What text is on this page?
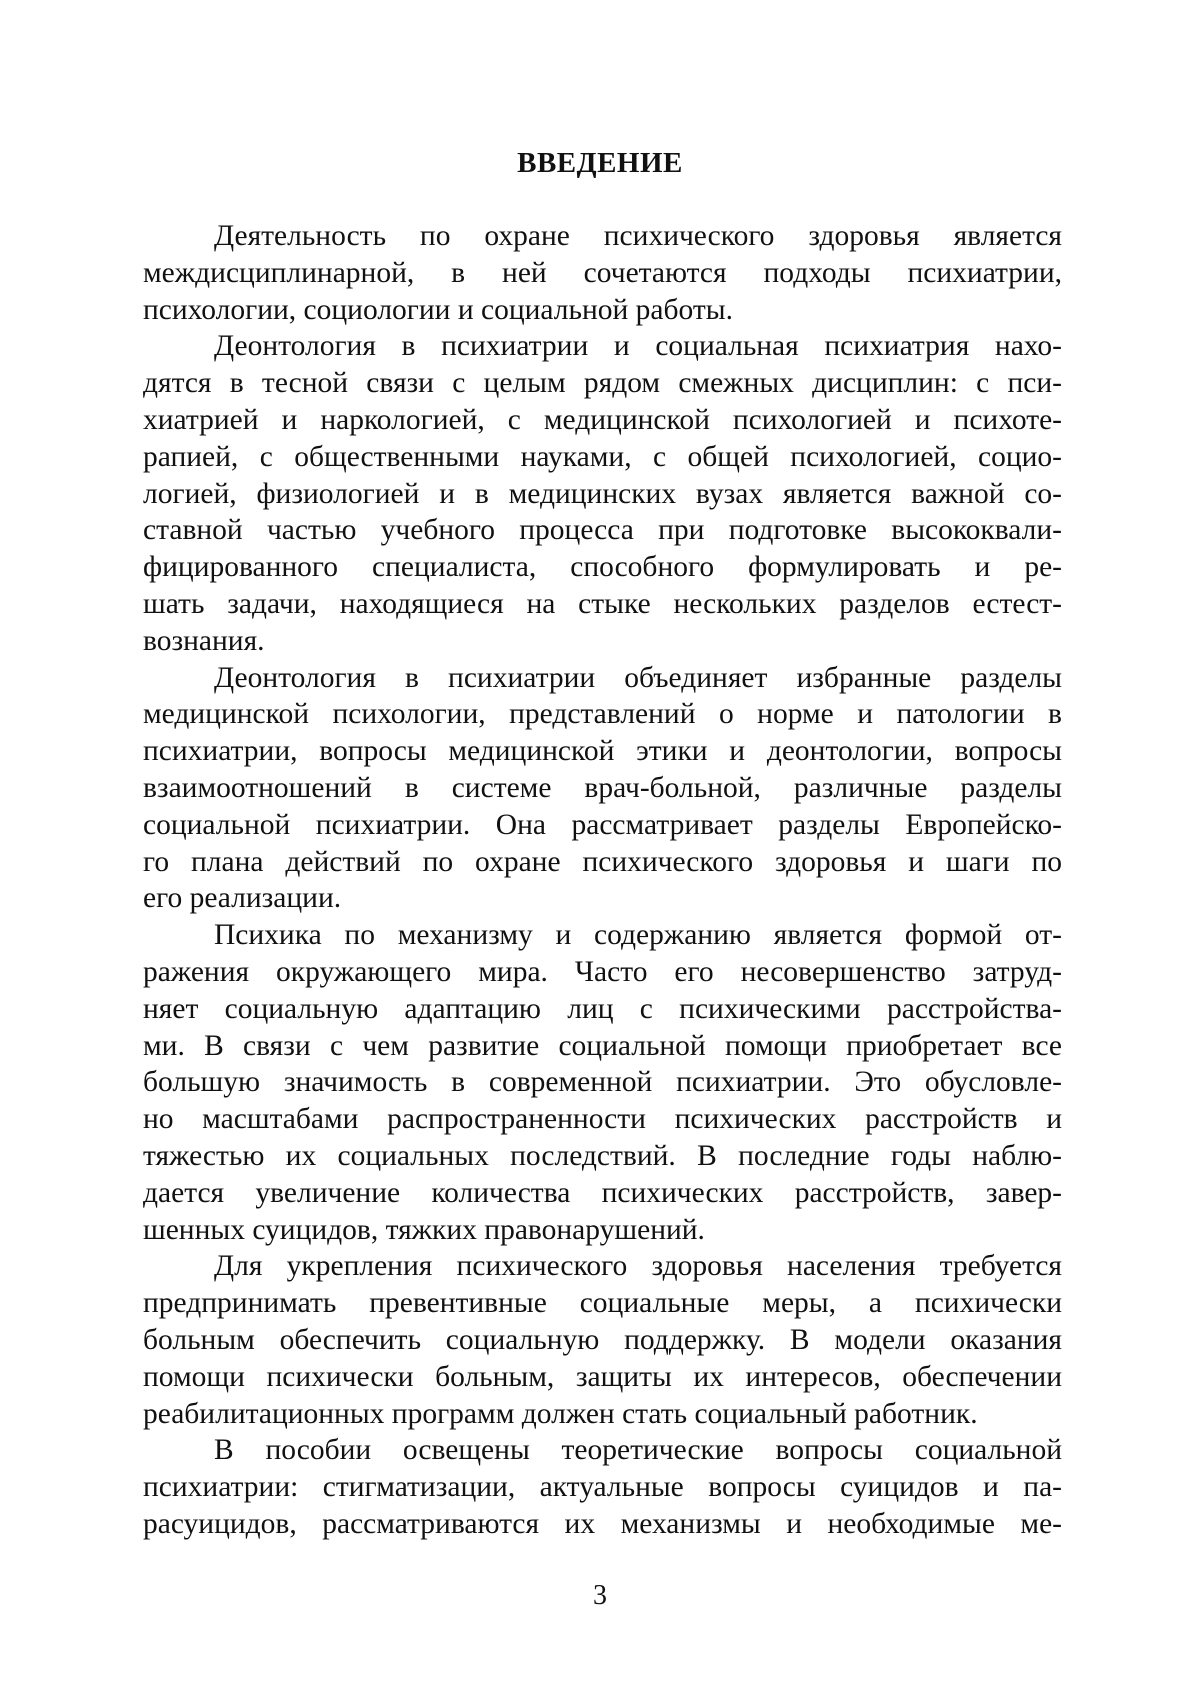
ВВЕДЕНИЕ
Деятельность по охране психического здоровья является
междисциплинарной, в ней сочетаются подходы психиатрии,
психологии, социологии и социальной работы.
Деонтология в психиатрии и социальная психиатрия нахо-
дятся в тесной связи с целым рядом смежных дисциплин: с пси-
хиатрией и наркологией, с медицинской психологией и психоте-
рапией, с общественными науками, с общей психологией, социо-
логией, физиологией и в медицинских вузах является важной со-
ставной частью учебного процесса при подготовке высококвали-
фицированного специалиста, способного формулировать и ре-
шать задачи, находящиеся на стыке нескольких разделов естест-
вознания.
Деонтология в психиатрии объединяет избранные разделы
медицинской психологии, представлений о норме и патологии в
психиатрии, вопросы медицинской этики и деонтологии, вопросы
взаимоотношений в системе врач-больной, различные разделы
социальной психиатрии. Она рассматривает разделы Европейско-
го плана действий по охране психического здоровья и шаги по
его реализации.
Психика по механизму и содержанию является формой от-
ражения окружающего мира. Часто его несовершенство затруд-
няет социальную адаптацию лиц с психическими расстройства-
ми. В связи с чем развитие социальной помощи приобретает все
большую значимость в современной психиатрии. Это обусловле-
но масштабами распространенности психических расстройств и
тяжестью их социальных последствий. В последние годы наблю-
дается увеличение количества психических расстройств, завер-
шенных суицидов, тяжких правонарушений.
Для укрепления психического здоровья населения требуется
предпринимать превентивные социальные меры, а психически
больным обеспечить социальную поддержку. В модели оказания
помощи психически больным, защиты их интересов, обеспечении
реабилитационных программ должен стать социальный работник.
В пособии освещены теоретические вопросы социальной
психиатрии: стигматизации, актуальные вопросы суицидов и па-
расуицидов, рассматриваются их механизмы и необходимые ме-
3
